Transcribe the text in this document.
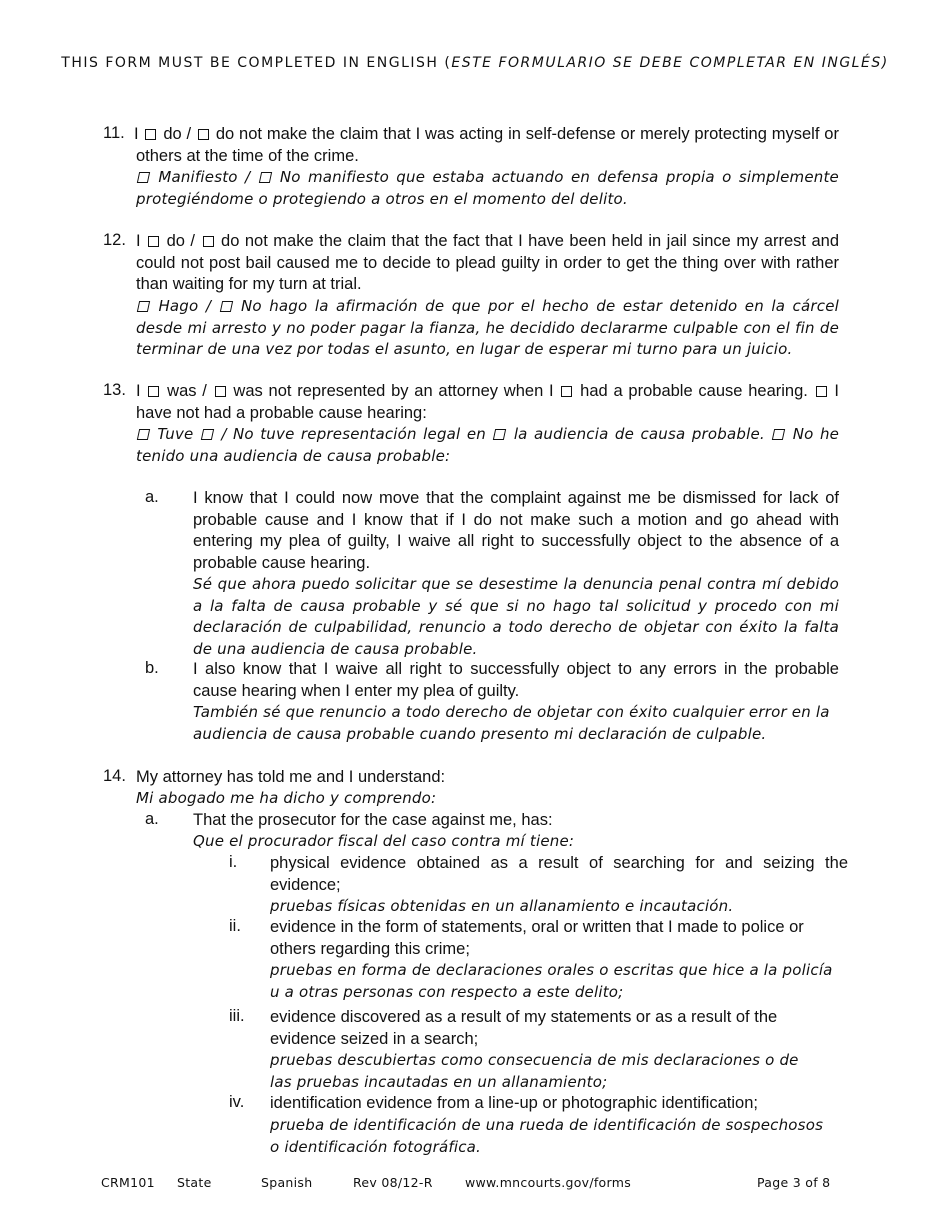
THIS FORM MUST BE COMPLETED IN ENGLISH (ESTE FORMULARIO SE DEBE COMPLETAR EN INGLÉS)
11. I do / do not make the claim that I was acting in self-defense or merely protecting myself or others at the time of the crime.

Manifiesto / No manifiesto que estaba actuando en defensa propia o simplemente protegiéndome o protegiendo a otros en el momento del delito.

12. I do / do not make the claim that the fact that I have been held in jail since my arrest and could not post bail caused me to decide to plead guilty in order to get the thing over with rather than waiting for my turn at trial.

Hago / No hago la afirmación de que por el hecho de estar detenido en la cárcel desde mi arresto y no poder pagar la fianza, he decidido declararme culpable con el fin de terminar de una vez por todas el asunto, en lugar de esperar mi turno para un juicio.

13. I was / was not represented by an attorney when I had a probable cause hearing. I have not had a probable cause hearing:

Tuve / No tuve representación legal en la audiencia de causa probable. No he tenido una audiencia de causa probable:

a. I know that I could now move that the complaint against me be dismissed for lack of probable cause and I know that if I do not make such a motion and go ahead with entering my plea of guilty, I waive all right to successfully object to the absence of a probable cause hearing.

Sé que ahora puedo solicitar que se desestime la denuncia penal contra mí debido a la falta de causa probable y sé que si no hago tal solicitud y procedo con mi declaración de culpabilidad, renuncio a todo derecho de objetar con éxito la falta de una audiencia de causa probable.

b. I also know that I waive all right to successfully object to any errors in the probable cause hearing when I enter my plea of guilty.

También sé que renuncio a todo derecho de objetar con éxito cualquier error en la audiencia de causa probable cuando presento mi declaración de culpable.

14. My attorney has told me and I understand:

Mi abogado me ha dicho y comprendo:

a. That the prosecutor for the case against me, has:

Que el procurador fiscal del caso contra mí tiene:

i. physical evidence obtained as a result of searching for and seizing the evidence;

pruebas físicas obtenidas en un allanamiento e incautación.

ii. evidence in the form of statements, oral or written that I made to police or others regarding this crime;

pruebas en forma de declaraciones orales o escritas que hice a la policía u a otras personas con respecto a este delito;

iii. evidence discovered as a result of my statements or as a result of the evidence seized in a search;

pruebas descubiertas como consecuencia de mis declaraciones o de las pruebas incautadas en un allanamiento;

iv. identification evidence from a line-up or photographic identification;

prueba de identificación de una rueda de identificación de sospechosos o identificación fotográfica.

CRM101 State	Spanish	Rev 08/12-R	www.mncourts.gov/forms	Page 3 of 8
